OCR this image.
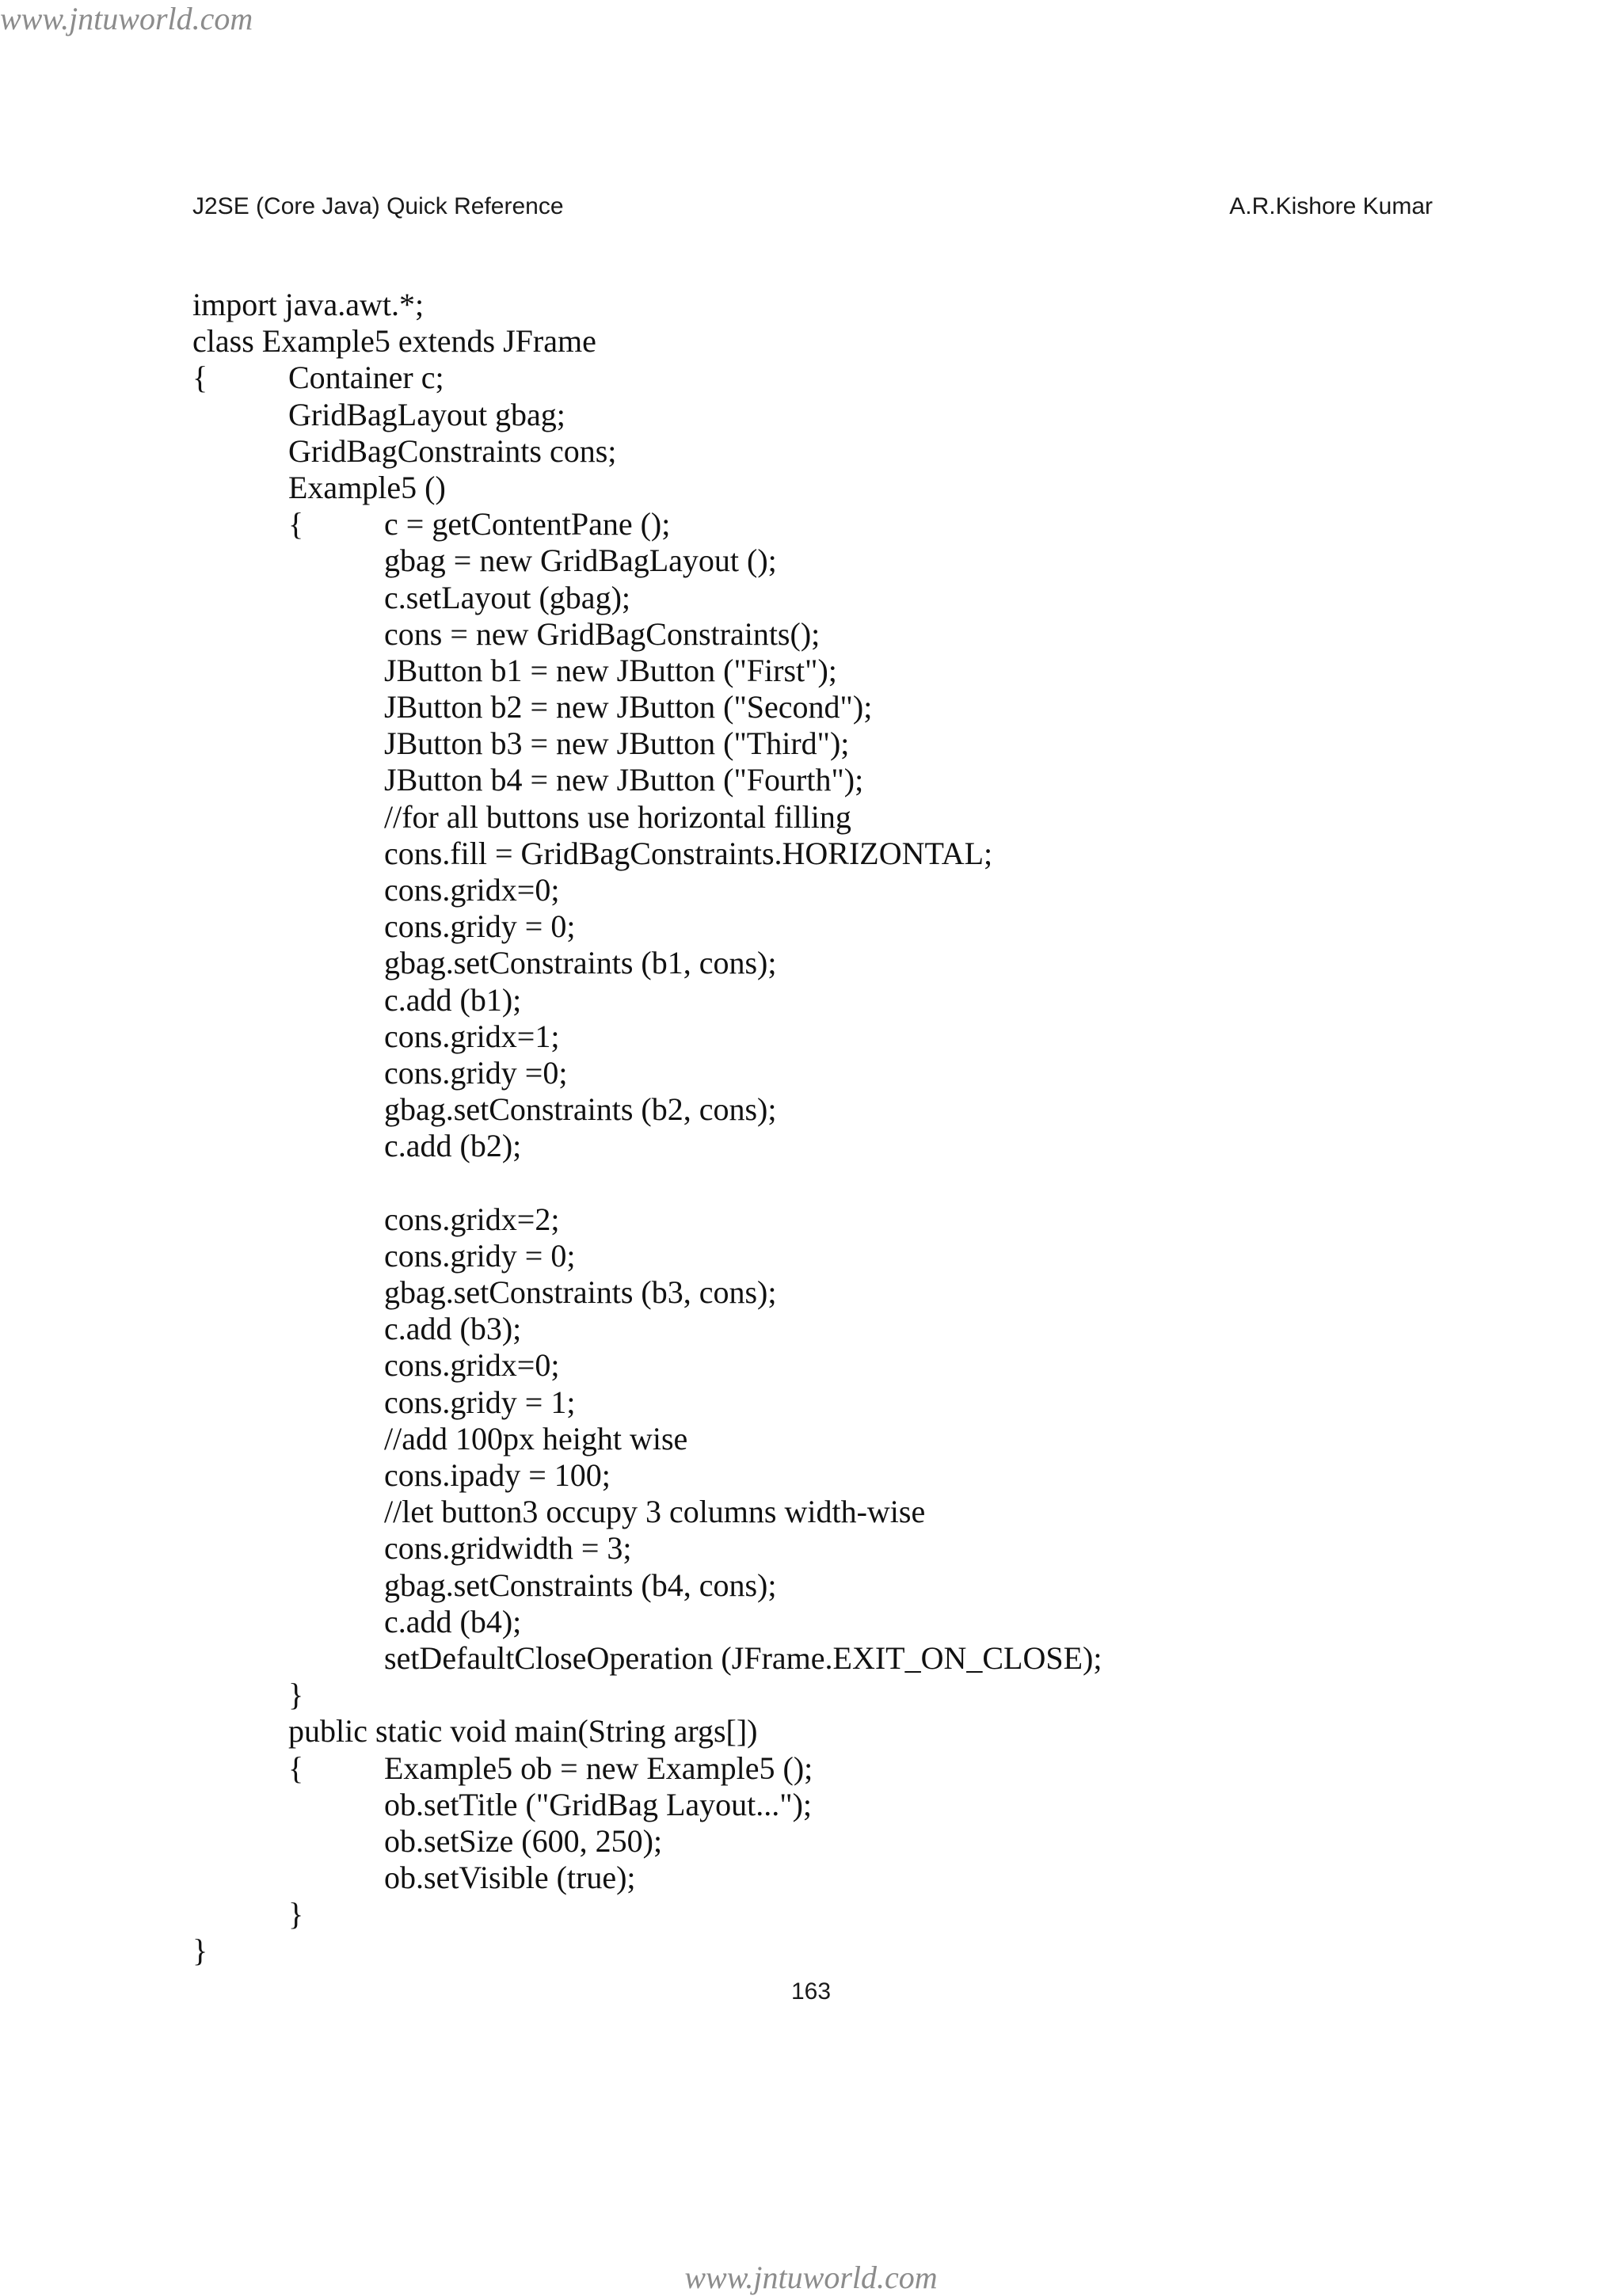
www.jntuworld.com
J2SE (Core Java) Quick Reference	A.R.Kishore Kumar
import java.awt.*;
class Example5 extends JFrame
{	Container c;
GridBagLayout gbag;
GridBagConstraints cons;
Example5 ()
{	c = getContentPane ();
gbag = new GridBagLayout ();
c.setLayout (gbag);
cons = new GridBagConstraints();
JButton b1 = new JButton ("First");
JButton b2 = new JButton ("Second");
JButton b3 = new JButton ("Third");
JButton b4 = new JButton ("Fourth");
//for all buttons use horizontal filling
cons.fill = GridBagConstraints.HORIZONTAL;
cons.gridx=0;
cons.gridy = 0;
gbag.setConstraints (b1, cons);
c.add (b1);
cons.gridx=1;
cons.gridy =0;
gbag.setConstraints (b2, cons);
c.add (b2);
cons.gridx=2;
cons.gridy = 0;
gbag.setConstraints (b3, cons);
c.add (b3);
cons.gridx=0;
cons.gridy = 1;
//add 100px height wise
cons.ipady = 100;
//let button3 occupy 3 columns width-wise
cons.gridwidth = 3;
gbag.setConstraints (b4, cons);
c.add (b4);
setDefaultCloseOperation (JFrame.EXIT_ON_CLOSE);
}
public static void main(String args[])
{	Example5 ob = new Example5 ();
ob.setTitle ("GridBag Layout...");
ob.setSize (600, 250);
ob.setVisible (true);
}
}
163
www.jntuworld.com
